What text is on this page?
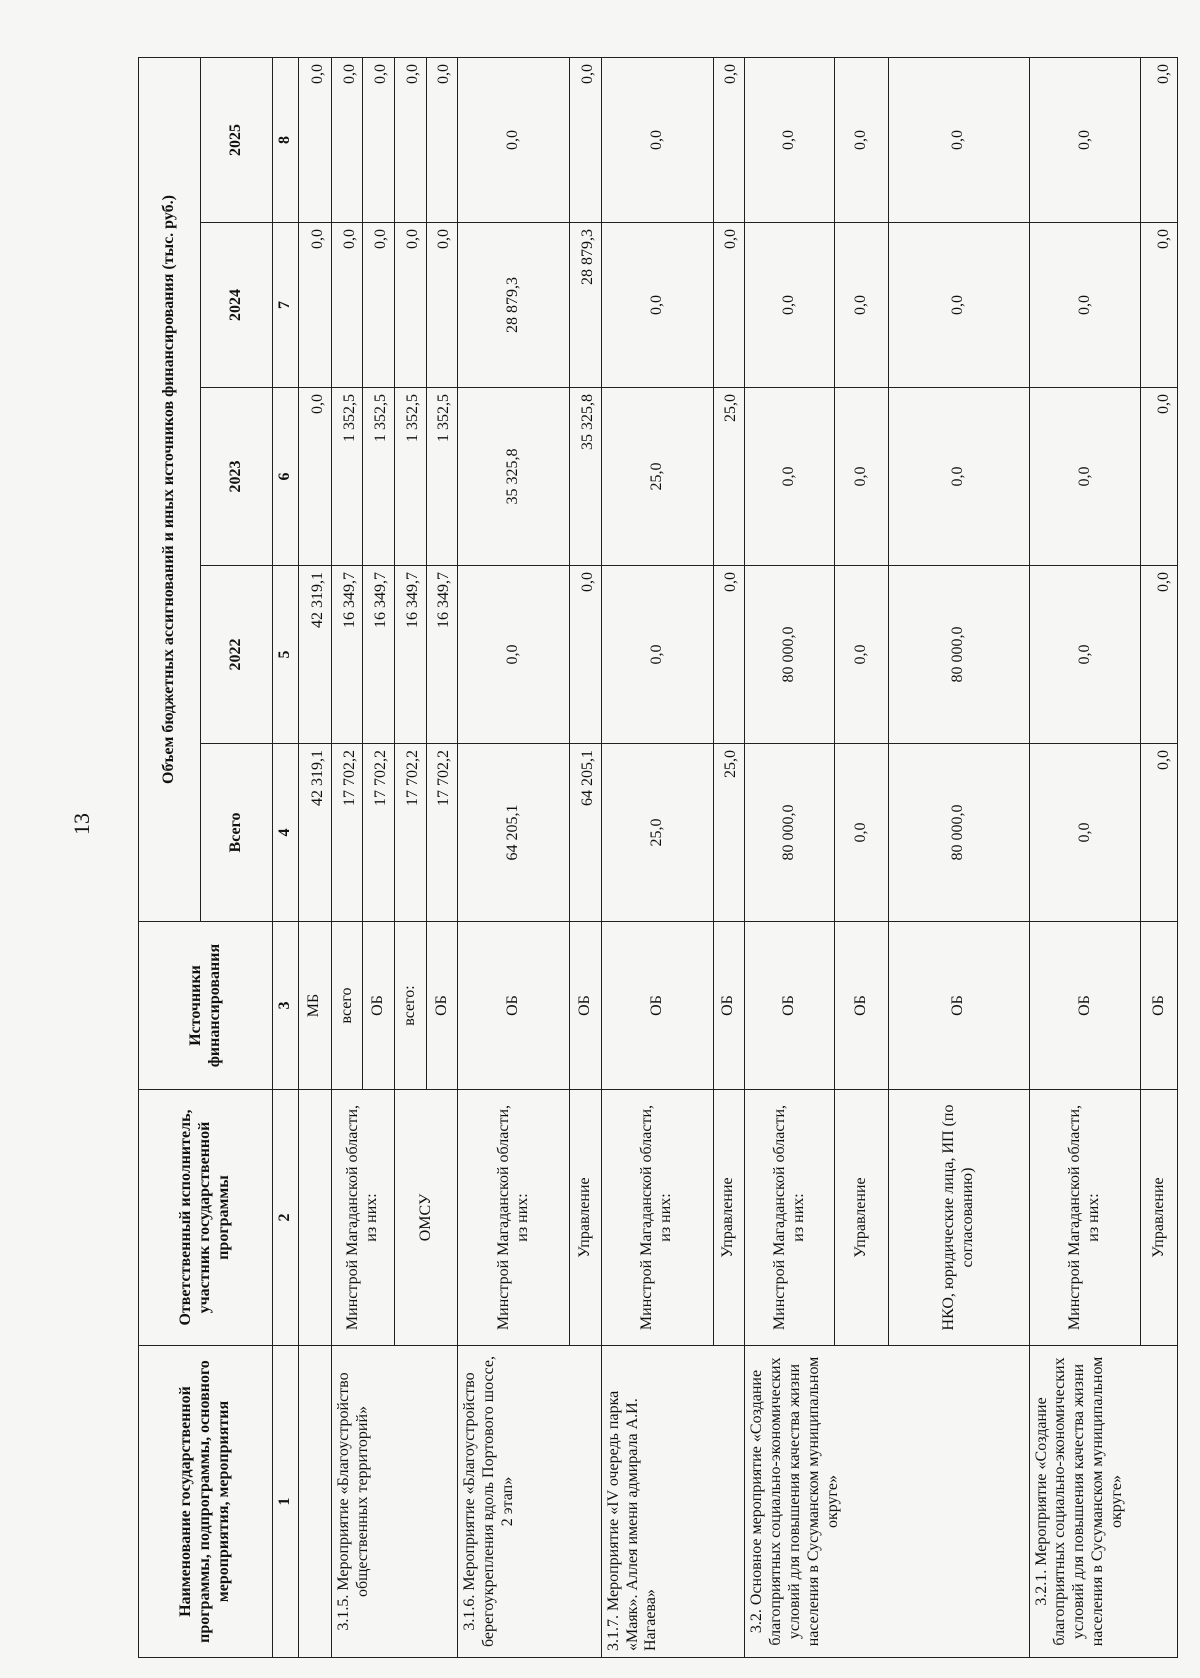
13
Наименование государственной программы, подпрограммы, основного мероприятия, мероприятия	Ответственный исполнитель, участник государственной программы	Источники финансирования	Объем бюджетных ассигнований и иных источников финансирования (тыс. руб.)				
			Всего	2022	2023	2024	2025
1	2	3	4	5	6	7	8
		МБ	42 319,1	42 319,1	0,0	0,0	0,0
3.1.5. Мероприятие «Благоустройство общественных территорий»	Минстрой Магаданской области, из них:	всего	17 702,2	16 349,7	1 352,5	0,0	0,0
		ОБ	17 702,2	16 349,7	1 352,5	0,0	0,0
	ОМСУ	всего:	17 702,2	16 349,7	1 352,5	0,0	0,0
		ОБ	17 702,2	16 349,7	1 352,5	0,0	0,0
3.1.6. Мероприятие «Благоустройство берегоукрепления вдоль Портового шоссе, 2 этап»	Минстрой Магаданской области, из них:	ОБ	64 205,1	0,0	35 325,8	28 879,3	0,0
	Управление	ОБ	64 205,1	0,0	35 325,8	28 879,3	0,0
3.1.7. Мероприятие «IV очередь парка «Маяк». Аллея имени адмирала А.И. Нагаева»	Минстрой Магаданской области, из них:	ОБ	25,0	0,0	25,0	0,0	0,0
	Управление	ОБ	25,0	0,0	25,0	0,0	0,0
3.2. Основное мероприятие «Создание благоприятных социально-экономических условий для повышения качества жизни населения в Сусуманском муниципальном округе»	Минстрой Магаданской области, из них:	ОБ	80 000,0	80 000,0	0,0	0,0	0,0
	Управление	ОБ	0,0	0,0	0,0	0,0	0,0
	НКО, юридические лица, ИП (по согласованию)	ОБ	80 000,0	80 000,0	0,0	0,0	0,0
3.2.1. Мероприятие «Создание благоприятных социально-экономических условий для повышения качества жизни населения в Сусуманском муниципальном округе»	Минстрой Магаданской области, из них:	ОБ	0,0	0,0	0,0	0,0	0,0
	Управление	ОБ	0,0	0,0	0,0	0,0	0,0
